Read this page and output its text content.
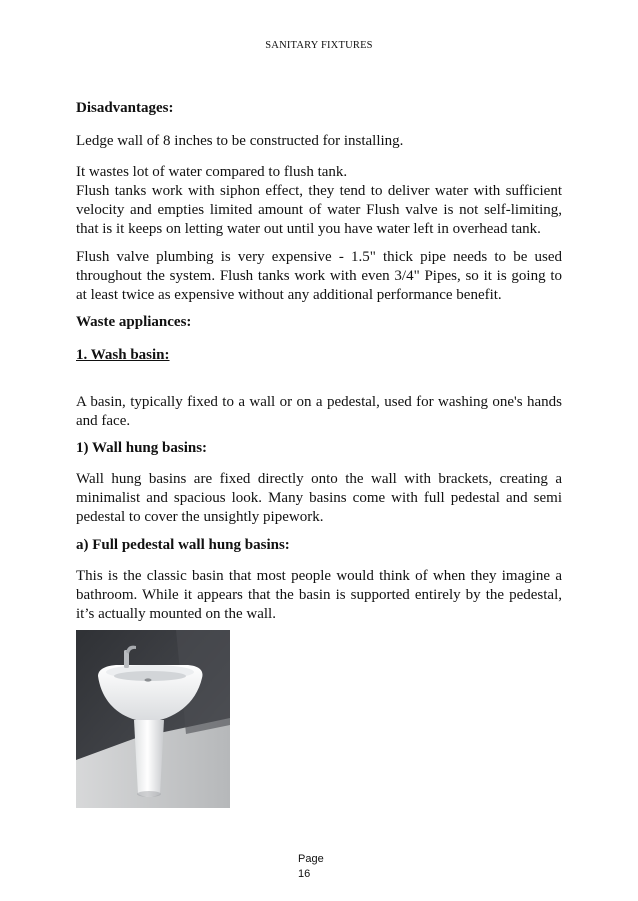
SANITARY FIXTURES

Disadvantages:

Ledge wall of 8 inches to be constructed for installing.

It wastes lot of water compared to flush tank.

Flush tanks work with siphon effect, they tend to deliver water with sufficient velocity and empties limited amount of water Flush valve is not self-limiting, that is it keeps on letting water out until you have water left in overhead tank.

Flush valve plumbing is very expensive - 1.5" thick pipe needs to be used throughout the system. Flush tanks work with even 3/4" Pipes, so it is going to at least twice as expensive without any additional performance benefit.

Waste appliances:

1. Wash basin:

A basin, typically fixed to a wall or on a pedestal, used for washing one's hands and face.

1) Wall hung basins:

Wall hung basins are fixed directly onto the wall with brackets, creating a minimalist and spacious look. Many basins come with full pedestal and semi pedestal to cover the unsightly pipework.

a) Full pedestal wall hung basins:

This is the classic basin that most people would think of when they imagine a bathroom. While it appears that the basin is supported entirely by the pedestal, it’s actually mounted on the wall.

Page
16
